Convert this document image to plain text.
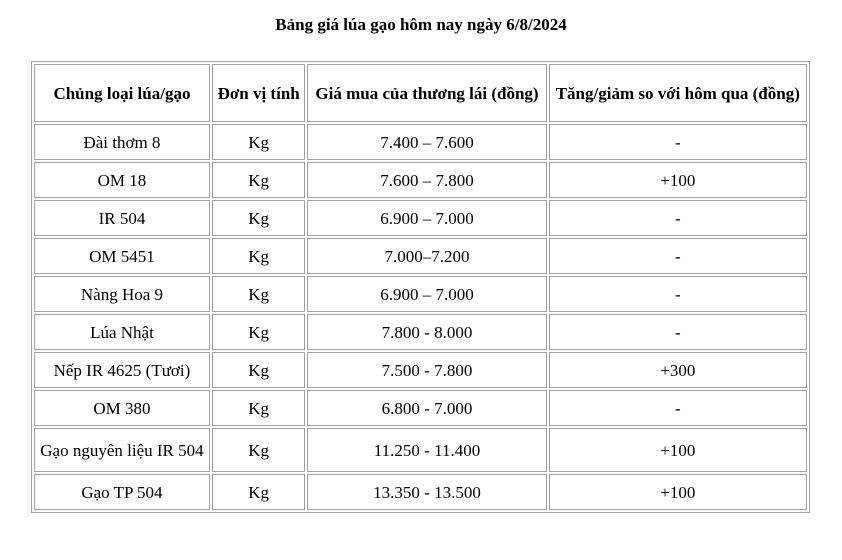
Bảng giá lúa gạo hôm nay ngày 6/8/2024
Chủng loại lúa/gạo	Đơn vị tính	Giá mua của thương lái (đồng)	Tăng/giảm so với hôm qua (đồng)
Đài thơm 8	Kg	7.400 – 7.600	-
OM 18	Kg	7.600 – 7.800	+100
IR 504	Kg	6.900 – 7.000	-
OM 5451	Kg	7.000–7.200	-
Nàng Hoa 9	Kg	6.900 – 7.000	-
Lúa Nhật	Kg	7.800 - 8.000	-
Nếp IR 4625 (Tươi)	Kg	7.500 - 7.800	+300
OM 380	Kg	6.800 - 7.000	-
Gạo nguyên liệu IR 504	Kg	11.250 - 11.400	+100
Gạo TP 504	Kg	13.350 - 13.500	+100
